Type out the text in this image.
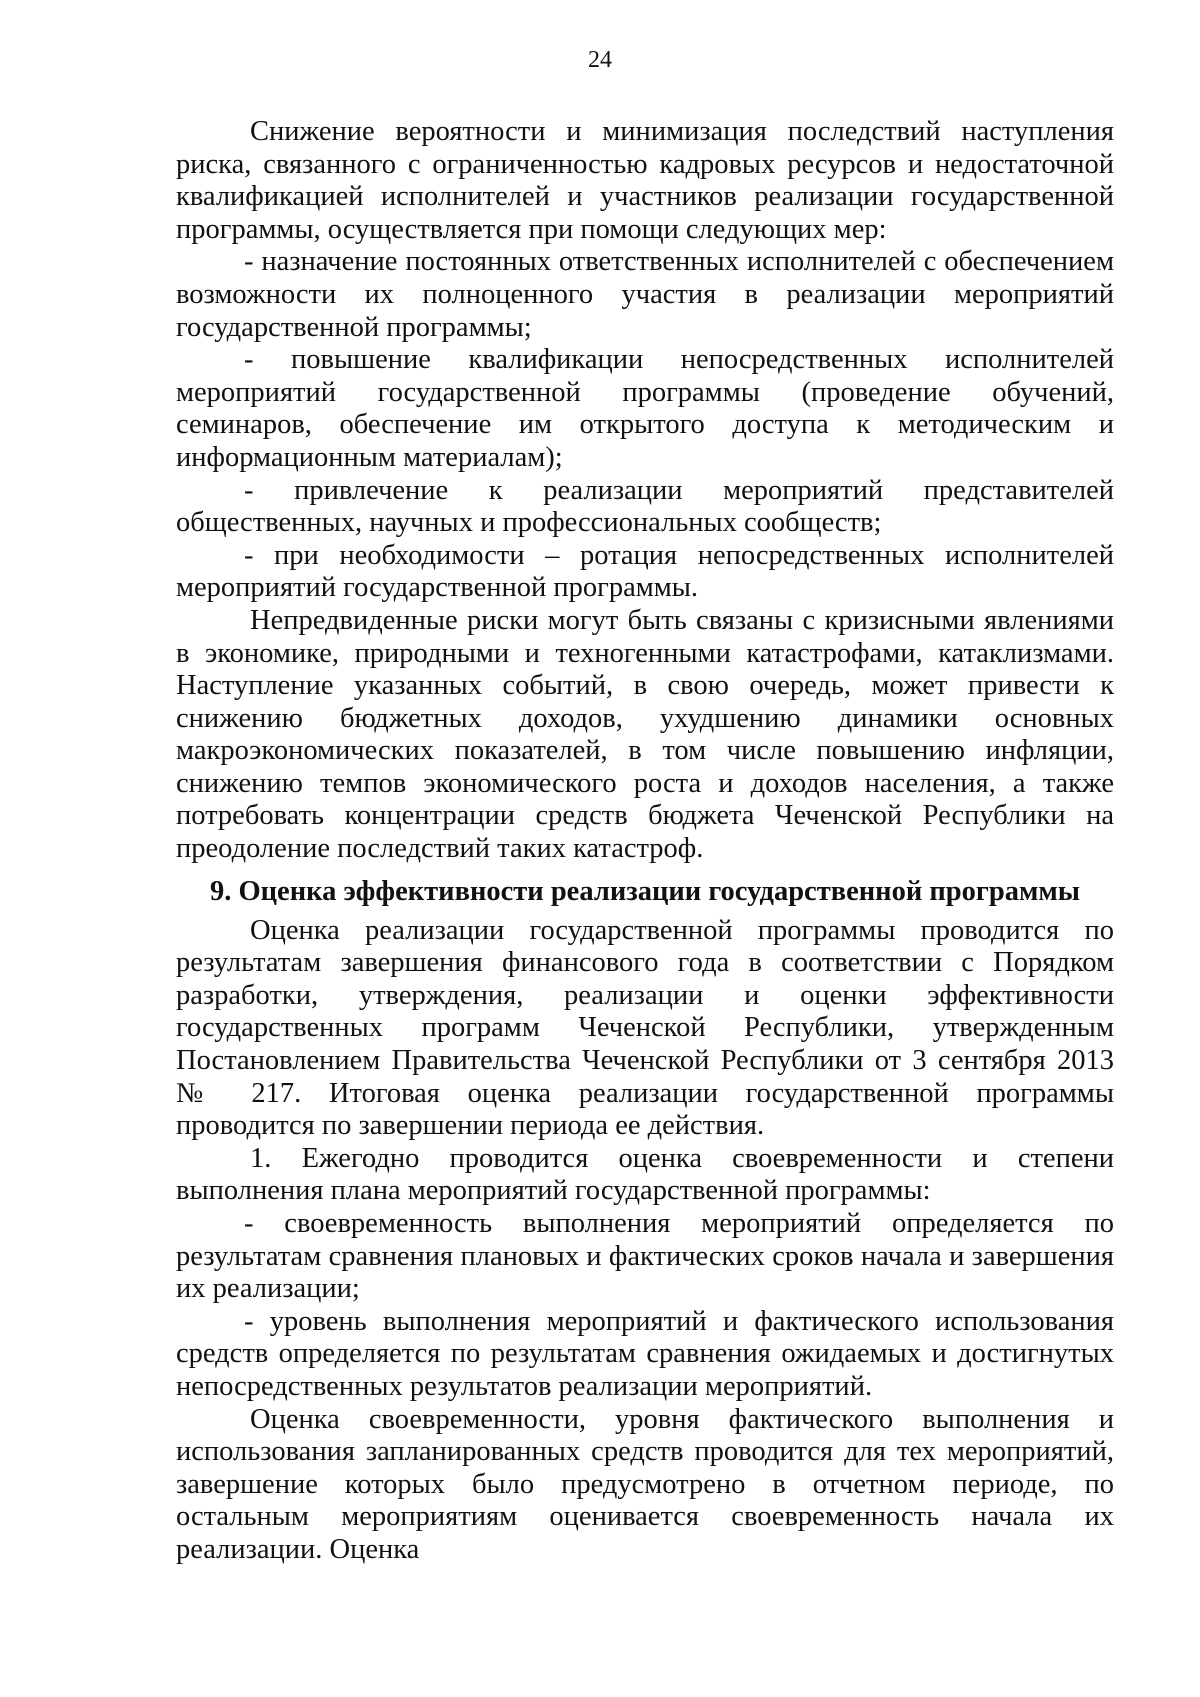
24

Снижение вероятности и минимизация последствий наступления риска, связанного с ограниченностью кадровых ресурсов и недостаточной квалификацией исполнителей и участников реализации государственной программы, осуществляется при помощи следующих мер:

- назначение постоянных ответственных исполнителей с обеспечением возможности их полноценного участия в реализации мероприятий государственной программы;

- повышение квалификации непосредственных исполнителей мероприятий государственной программы (проведение обучений, семинаров, обеспечение им открытого доступа к методическим и информационным материалам);

- привлечение к реализации мероприятий представителей общественных, научных и профессиональных сообществ;

- при необходимости – ротация непосредственных исполнителей мероприятий государственной программы.

Непредвиденные риски могут быть связаны с кризисными явлениями в экономике, природными и техногенными катастрофами, катаклизмами. Наступление указанных событий, в свою очередь, может привести к снижению бюджетных доходов, ухудшению динамики основных макроэкономических показателей, в том числе повышению инфляции, снижению темпов экономического роста и доходов населения, а также потребовать концентрации средств бюджета Чеченской Республики на преодоление последствий таких катастроф.

9. Оценка эффективности реализации государственной программы

Оценка реализации государственной программы проводится по результатам завершения финансового года в соответствии с Порядком разработки, утверждения, реализации и оценки эффективности государственных программ Чеченской Республики, утвержденным Постановлением Правительства Чеченской Республики от 3 сентября 2013 № 217. Итоговая оценка реализации государственной программы проводится по завершении периода ее действия.

1. Ежегодно проводится оценка своевременности и степени выполнения плана мероприятий государственной программы:

- своевременность выполнения мероприятий определяется по результатам сравнения плановых и фактических сроков начала и завершения их реализации;

- уровень выполнения мероприятий и фактического использования средств определяется по результатам сравнения ожидаемых и достигнутых непосредственных результатов реализации мероприятий.

Оценка своевременности, уровня фактического выполнения и использования запланированных средств проводится для тех мероприятий, завершение которых было предусмотрено в отчетном периоде, по остальным мероприятиям оценивается своевременность начала их реализации. Оценка
